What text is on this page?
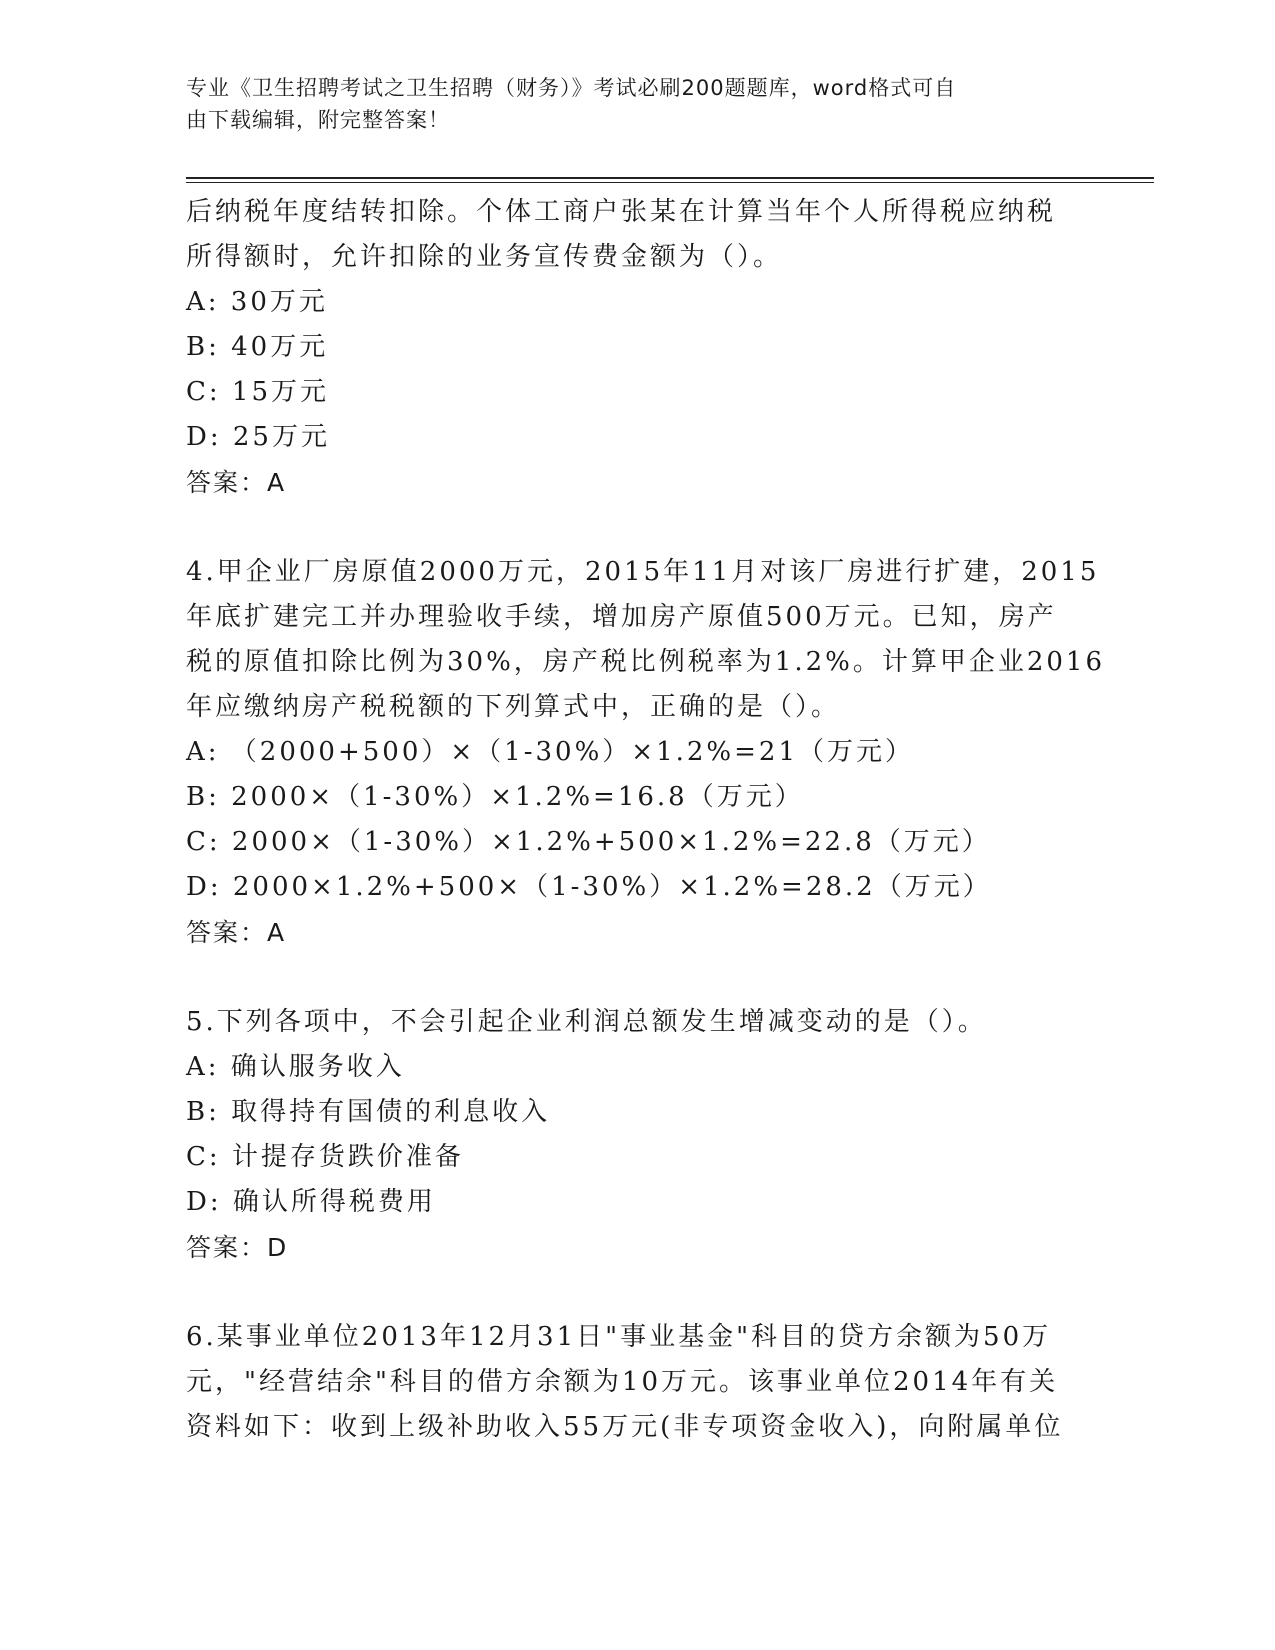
专业《卫生招聘考试之卫生招聘（财务）》考试必刷200题题库，word格式可自
由下载编辑，附完整答案！
后纳税年度结转扣除。个体工商户张某在计算当年个人所得税应纳税
所得额时，允许扣除的业务宣传费金额为（）。
A: 30万元
B: 40万元
C: 15万元
D: 25万元
答案：A
4.甲企业厂房原值2000万元，2015年11月对该厂房进行扩建，2015
年底扩建完工并办理验收手续，增加房产原值500万元。已知，房产
税的原值扣除比例为30%，房产税比例税率为1.2%。计算甲企业2016
年应缴纳房产税税额的下列算式中，正确的是（）。
A: （2000+500）×（1-30%）×1.2%=21（万元）
B: 2000×（1-30%）×1.2%=16.8（万元）
C: 2000×（1-30%）×1.2%+500×1.2%=22.8（万元）
D: 2000×1.2%+500×（1-30%）×1.2%=28.2（万元）
答案：A
5.下列各项中，不会引起企业利润总额发生增减变动的是（）。
A: 确认服务收入
B: 取得持有国债的利息收入
C: 计提存货跌价准备
D: 确认所得税费用
答案：D
6.某事业单位2013年12月31日"事业基金"科目的贷方余额为50万
元，"经营结余"科目的借方余额为10万元。该事业单位2014年有关
资料如下：收到上级补助收入55万元(非专项资金收入)，向附属单位
